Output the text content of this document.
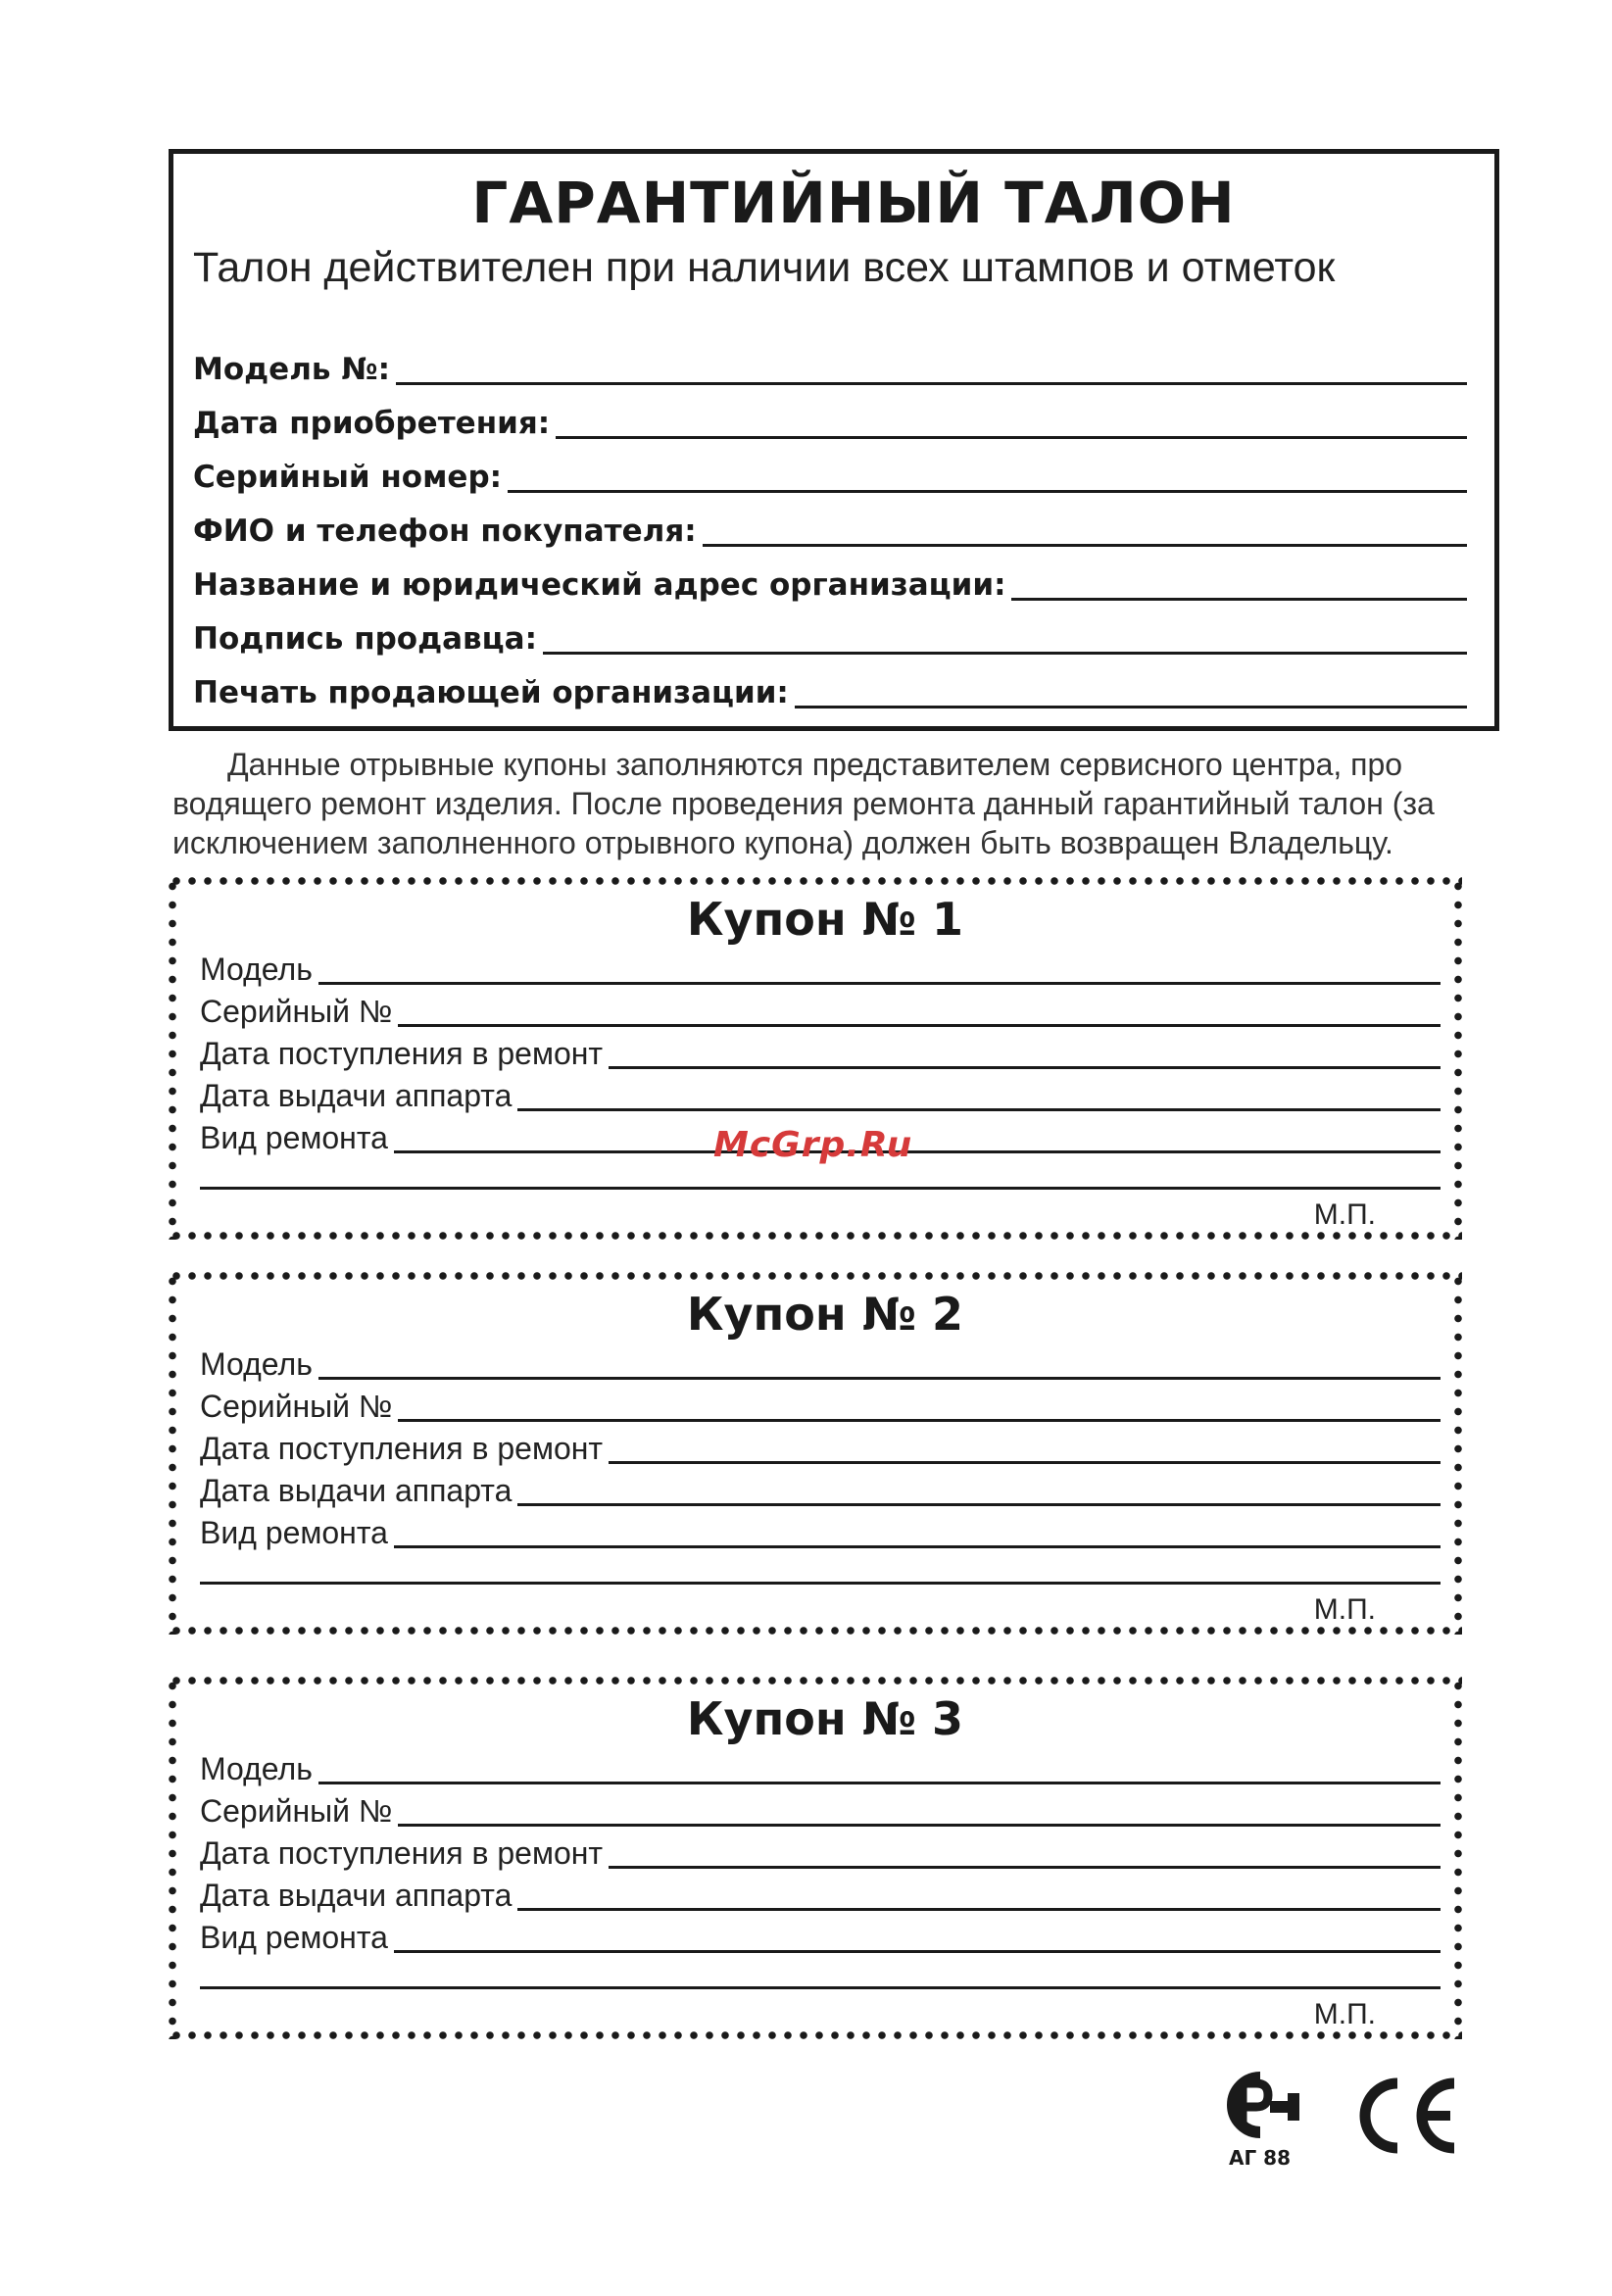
ГАРАНТИЙНЫЙ ТАЛОН
Талон действителен при наличии всех штампов и отметок
Модель №:
Дата приобретения:
Серийный номер:
ФИО и телефон покупателя:
Название и юридический адрес организации:
Подпись продавца:
Печать продающей организации:
Данные отрывные купоны заполняются представителем сервисного центра, про
водящего ремонт изделия. После проведения ремонта данный гарантийный талон (за
исключением заполненного отрывного купона) должен быть возвращен Владельцу.
Купон № 1
Модель
Серийный №
Дата поступления в ремонт
Дата выдачи аппарта
Вид ремонта
М.П.
Купон № 2
Модель
Серийный №
Дата поступления в ремонт
Дата выдачи аппарта
Вид ремонта
М.П.
Купон № 3
Модель
Серийный №
Дата поступления в ремонт
Дата выдачи аппарта
Вид ремонта
М.П.
McGrp.Ru
АГ 88
